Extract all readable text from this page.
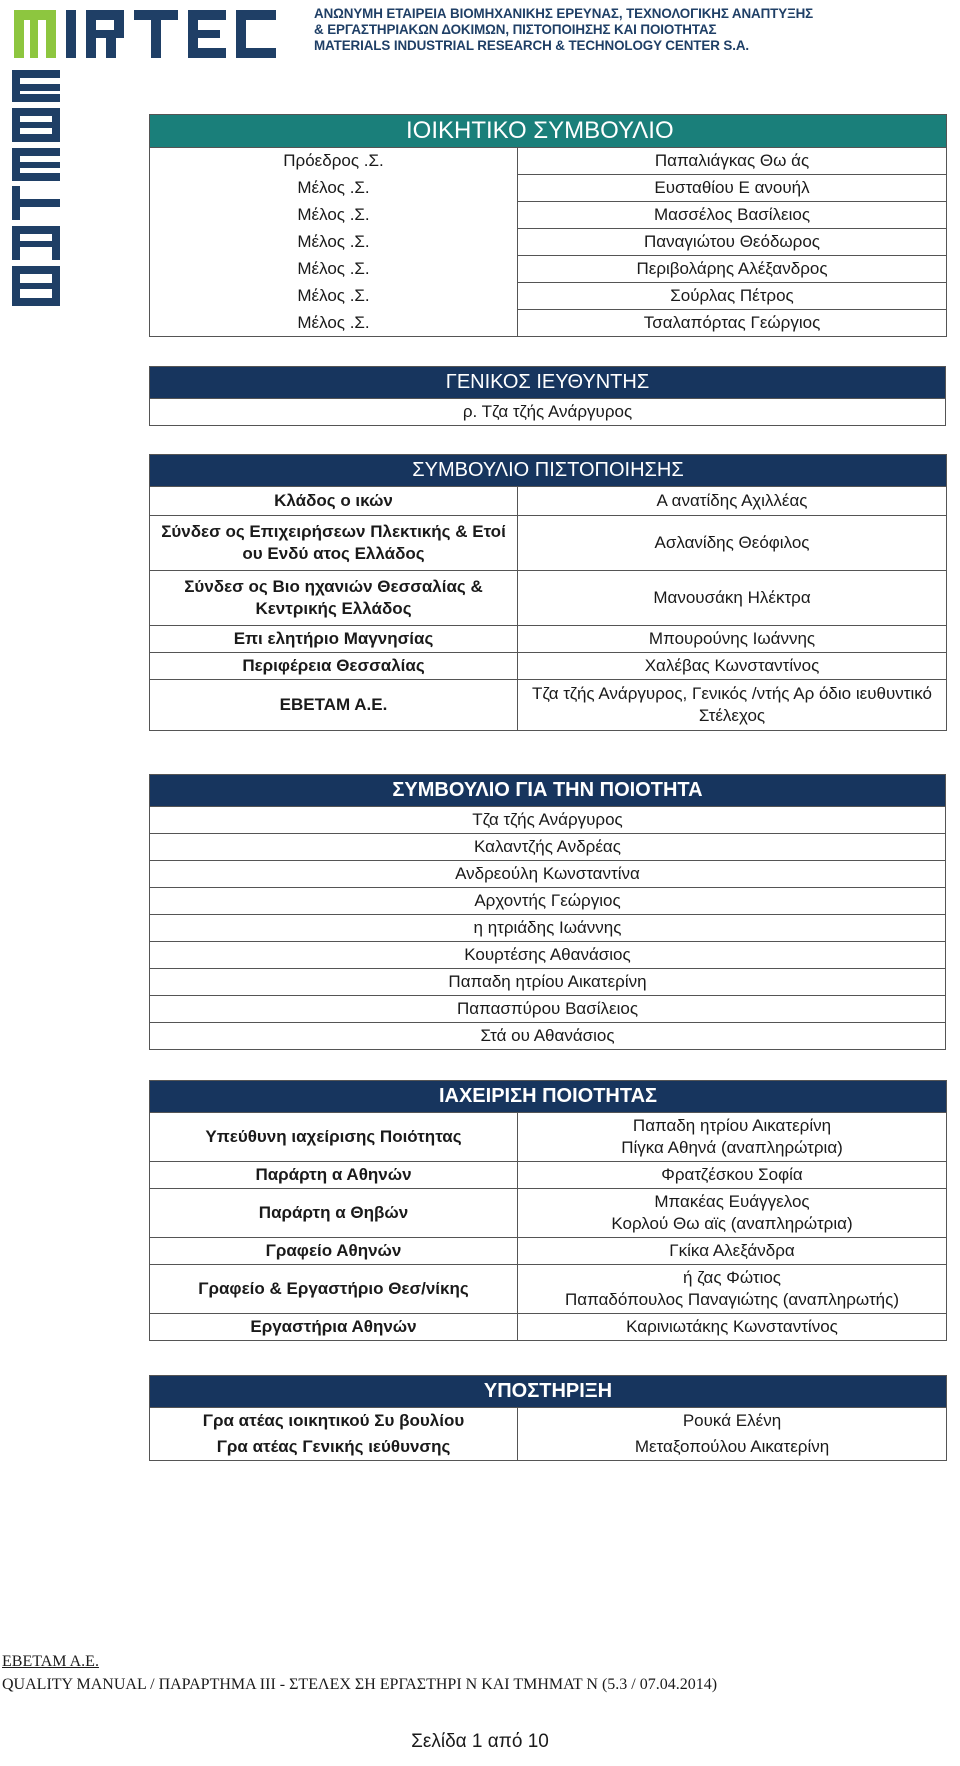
ΑΝΩΝΥΜΗ ΕΤΑΙΡΕΙΑ ΒΙΟΜΗΧΑΝΙΚΗΣ ΕΡΕΥΝΑΣ, ΤΕΧΝΟΛΟΓΙΚΗΣ ΑΝΑΠΤΥΞΗΣ
& ΕΡΓΑΣΤΗΡΙΑΚΩΝ ΔΟΚΙΜΩΝ, ΠΙΣΤΟΠΟΙΗΣΗΣ ΚΑΙ ΠΟΙΟΤΗΤΑΣ
MATERIALS INDUSTRIAL RESEARCH & TECHNOLOGY CENTER S.A.
ΙΟΙΚΗΤΙΚΟ ΣΥΜΒΟΥΛΙΟ	
Πρόεδρος .Σ.	Παπαλιάγκας Θω άς
Μέλος .Σ.	Ευσταθίου Ε ανουήλ
Μέλος .Σ.	Μασσέλος Βασίλειος
Μέλος .Σ.	Παναγιώτου Θεόδωρος
Μέλος .Σ.	Περιβολάρης Αλέξανδρος
Μέλος .Σ.	Σούρλας Πέτρος
Μέλος .Σ.	Τσαλαπόρτας Γεώργιος
ΓΕΝΙΚΟΣ ΙΕΥΘΥΝΤΗΣ
ρ. Τζα τζής Ανάργυρος
ΣΥΜΒΟΥΛΙΟ ΠΙΣΤΟΠΟΙΗΣΗΣ	
Κλάδος ο ικών	Α ανατίδης Αχιλλέας
Σύνδεσ ος Επιχειρήσεων Πλεκτικής & Ετοί ου Ενδύ ατος Ελλάδος	Ασλανίδης Θεόφιλος
Σύνδεσ ος Βιο ηχανιών Θεσσαλίας & Κεντρικής Ελλάδος	Μανουσάκη Ηλέκτρα
Επι ελητήριο Μαγνησίας	Μπουρούνης Ιωάννης
Περιφέρεια Θεσσαλίας	Χαλέβας Κωνσταντίνος
ΕΒΕΤΑΜ Α.Ε.	Τζα τζής Ανάργυρος, Γενικός /ντής Αρ όδιο ιευθυντικό Στέλεχος
ΣΥΜΒΟΥΛΙΟ ΓΙΑ ΤΗΝ ΠΟΙΟΤΗΤΑ
Τζα τζής Ανάργυρος
Καλαντζής Ανδρέας
Ανδρεούλη Κωνσταντίνα
Αρχοντής Γεώργιος
η ητριάδης Ιωάννης
Κουρτέσης Αθανάσιος
Παπαδη ητρίου Αικατερίνη
Παπασπύρου Βασίλειος
Στά ου Αθανάσιος
ΙΑΧΕΙΡΙΣΗ ΠΟΙΟΤΗΤΑΣ	
Υπεύθυνη ιαχείρισης Ποιότητας	Παπαδη ητρίου Αικατερίνη
Πίγκα Αθηνά (αναπληρώτρια)

Παράρτη α Αθηνών	Φρατζέσκου Σοφία
Παράρτη α Θηβών	Μπακέας Ευάγγελος
Κορλού Θω αϊς (αναπληρώτρια)

Γραφείο Αθηνών	Γκίκα Αλεξάνδρα
Γραφείο & Εργαστήριο Θεσ/νίκης	ή ζας Φώτιος
Παπαδόπουλος Παναγιώτης (αναπληρωτής)

Εργαστήρια Αθηνών	Καρινιωτάκης Κωνσταντίνος
ΥΠΟΣΤΗΡΙΞΗ	
Γρα ατέας ιοικητικού Συ βουλίου	Ρουκά Ελένη
Γρα ατέας Γενικής ιεύθυνσης	Μεταξοπούλου Αικατερίνη
ΕΒΕΤΑΜ Α.Ε.
QUALITY MANUAL / ΠΑΡΑΡΤΗΜΑ ΙΙΙ - ΣΤΕΛΕΧ ΣΗ ΕΡΓΑΣΤΗΡΙ Ν ΚΑΙ ΤΜΗΜΑΤ Ν (5.3 / 07.04.2014)
Σελίδα 1 από 10
